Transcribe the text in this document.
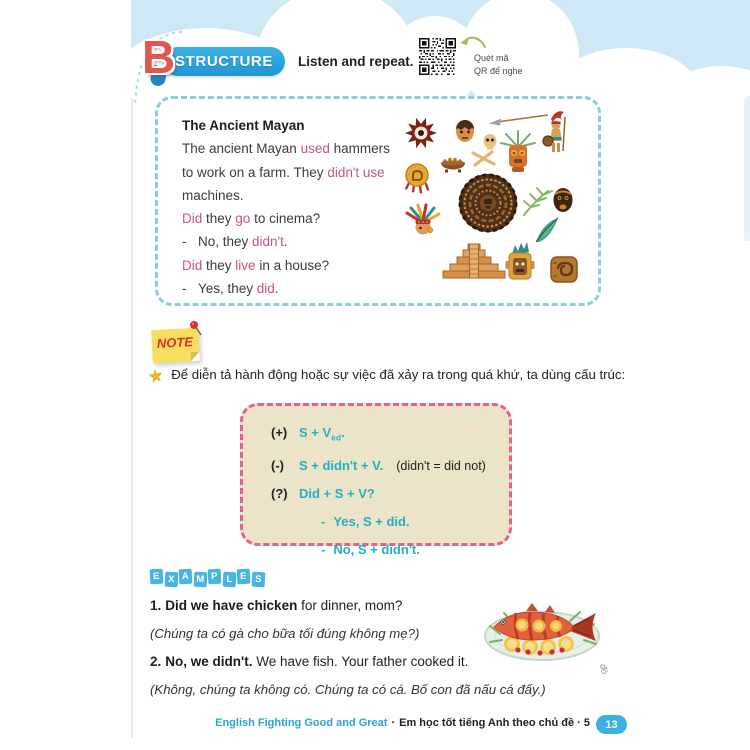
STRUCTURE
B	Listen and repeat.	Quét mã
QR để nghe
The Ancient Mayan
The ancient Mayan used hammers
to work on a farm. They didn't use
machines.
Did they go to cinema?
- No, they didn't.
Did they live in a house?
- Yes, they did.
NOTE
★ Để diễn tả hành động hoặc sự việc đã xảy ra trong quá khứ, ta dùng cấu trúc:
(+) $S + V_{ed}$.
(-) S + didn't + V. (didn't = did not)
(?) Did + S + V?
- Yes, S + did.
- No, S + didn't.
E X A M P L E S
1. Did we have chicken for dinner, mom?
(Chúng ta có gà cho bữa tối đúng không mẹ?)
2. No, we didn't. We have fish. Your father cooked it.
(Không, chúng ta không có. Chúng ta có cá. Bố con đã nấu cá đấy.)
đò
English Fighting Good and Great · Em học tốt tiếng Anh theo chủ đề · 5	13
